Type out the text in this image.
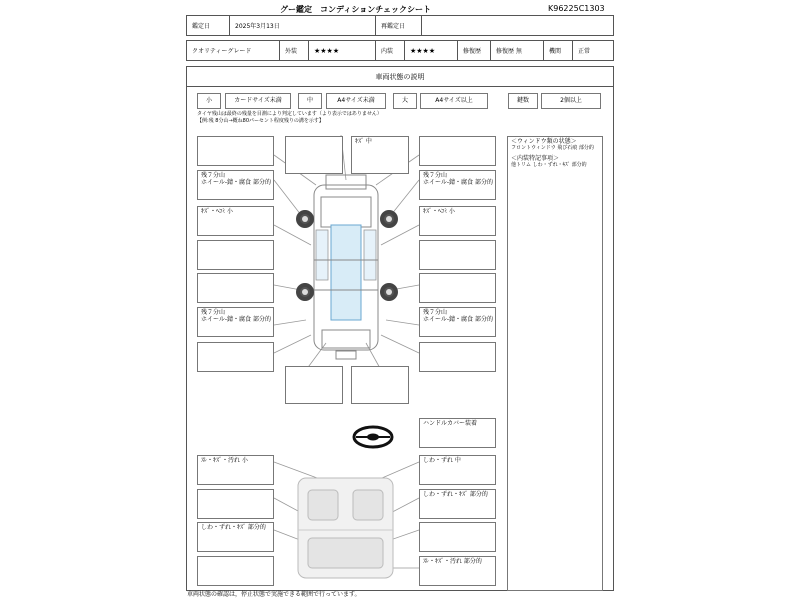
グー鑑定　コンディションチェックシート	K96225C1303
鑑定日	2025年3月13日	再鑑定日	
クオリティーグレード	外装	★★★★	内装	★★★★	修復歴	修復歴 無	機関	正常
車両状態の説明
小	カードサイズ未満	中	A4サイズ未満	大	A4サイズ以上	鍵数	2個以上
タイヤ残山は最終の残量を目測により判定しています（より表示ではありません）
【例:残 8分山→概ね80パーセント程度残りの溝を示す】
残７分山
ホイール-錆・腐食 部分的
ｷｽﾞ・ﾍｺﾐ 小
残７分山
ホイール-錆・腐食 部分的
ｷｽﾞ 中
残７分山
ホイール-錆・腐食 部分的
ｷｽﾞ・ﾍｺﾐ 小
残７分山
ホイール-錆・腐食 部分的
＜ウィンドウ類の状態＞
フロントウィンドウ 飛び石痕 部分的
＜内装特記事項＞
他トリム しわ・ずれ・ｷｽﾞ 部分的
ハンドルカバー装着
ｽﾚ・ｷｽﾞ・汚れ 小
しわ・ずれ・ｷｽﾞ 部分的
しわ・ずれ 中
しわ・ずれ・ｷｽﾞ 部分的
ｽﾚ・ｷｽﾞ・汚れ 部分的
車両状態の確認は，停止状態で実施できる範囲で行っています。
